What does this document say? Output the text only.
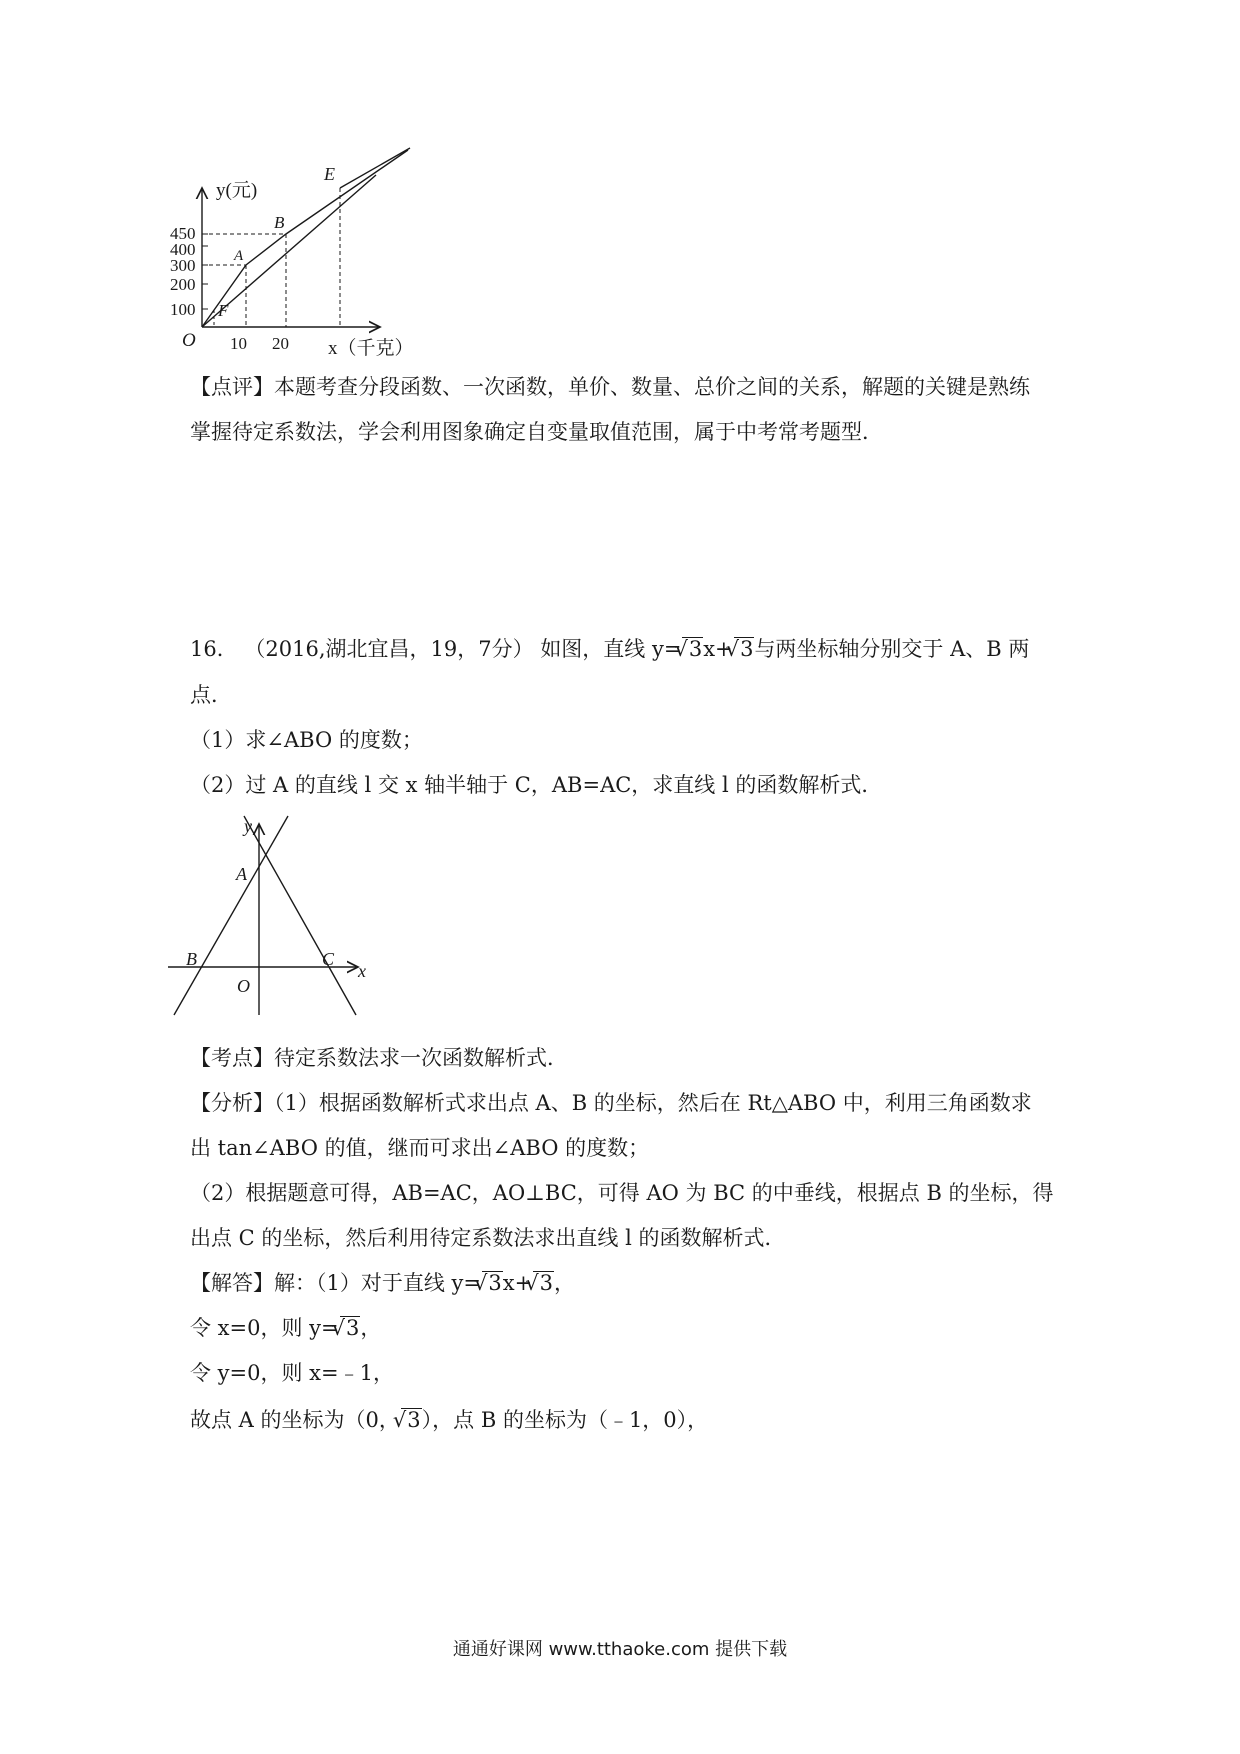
y(元)
x（千克）
O
450
400
300
200
100
10 20
E
B
A
F
【点评】本题考查分段函数、一次函数，单价、数量、总价之间的关系，解题的关键是熟练
掌握待定系数法，学会利用图象确定自变量取值范围，属于中考常考题型．
16． （2016,湖北宜昌，19，7分） 如图，直线 y= √ 3x+ √ 3与两坐标轴分别交于 A、B 两
点．
（1）求∠ABO 的度数；
（2）过 A 的直线 l 交 x 轴半轴于 C，AB=AC，求直线 l 的函数解析式．
y
x
A
B	C
O
【考点】待定系数法求一次函数解析式．
【分析】（1）根据函数解析式求出点 A、B 的坐标，然后在 Rt△ABO 中，利用三角函数求
出 tan∠ABO 的值，继而可求出∠ABO 的度数；
（2）根据题意可得，AB=AC，AO⊥BC，可得 AO 为 BC 的中垂线，根据点 B 的坐标，得
出点 C 的坐标，然后利用待定系数法求出直线 l 的函数解析式．
【解答】解：（1）对于直线 y= √ 3x+ √ 3，
令 x=0，则 y= √ 3，
令 y=0，则 x=﹣1，
故点 A 的坐标为（0， √ 3），点 B 的坐标为（﹣1，0），
通通好课网 www.tthaoke.com 提供下载
